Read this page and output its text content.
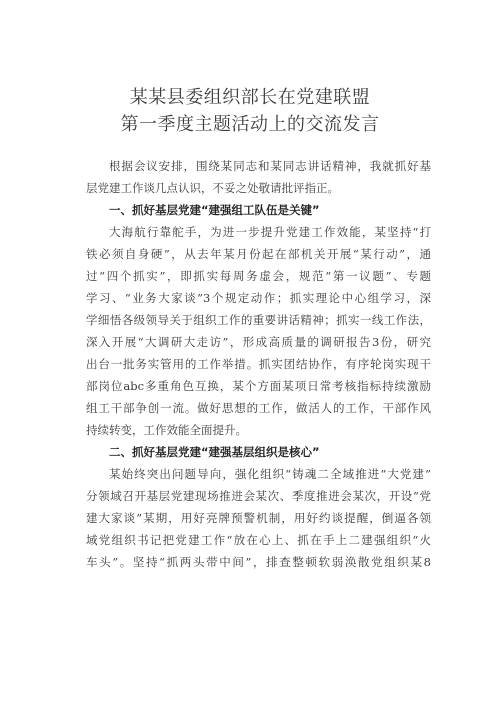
某某县委组织部长在党建联盟
第一季度主题活动上的交流发言
根据会议安排，围绕某同志和某同志讲话精神，我就抓好基
层党建工作谈几点认识，不妥之处敬请批评指正。
一、抓好基层党建“建强组工队伍是关键”
大海航行靠舵手，为进一步提升党建工作效能，某坚持“打
铁必须自身硬”，从去年某月份起在部机关开展“某行动”，通
过“四个抓实”，即抓实每周务虚会，规范“第一议题”、专题
学习、“业务大家谈”3个规定动作；抓实理论中心组学习，深
学细悟各级领导关于组织工作的重要讲话精神；抓实一线工作法，
深入开展“大调研大走访”，形成高质量的调研报告3份，研究
出台一批务实管用的工作举措。抓实团结协作，有序轮岗实现干
部岗位abc多重角色互换，某个方面某项日常考核指标持续激励
组工干部争创一流。做好思想的工作，做活人的工作，干部作风
持续转变，工作效能全面提升。
二、抓好基层党建“建强基层组织是核心”
某始终突出问题导向，强化组织“铸魂二全域推进“大党建”
分领域召开基层党建现场推进会某次、季度推进会某次，开设“党
建大家谈”某期，用好亮牌预警机制，用好约谈提醒，倒逼各领
域党组织书记把党建工作“放在心上、抓在手上二建强组织“火
车头”。坚持“抓两头带中间”，排查整顿软弱涣散党组织某8
